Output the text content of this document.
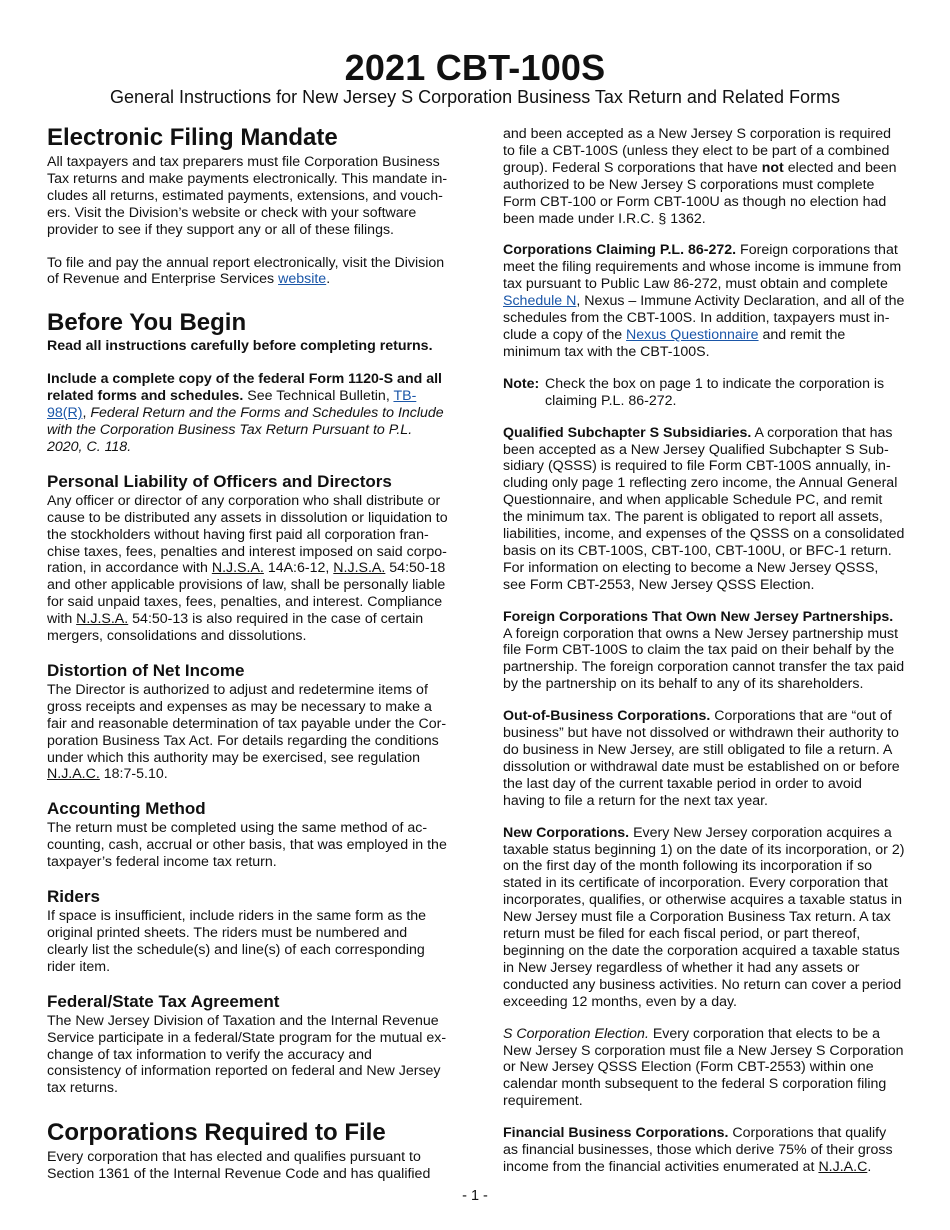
2021 CBT-100S
General Instructions for New Jersey S Corporation Business Tax Return and Related Forms
Electronic Filing Mandate

All taxpayers and tax preparers must file Corporation Business Tax returns and make payments electronically. This mandate includes all returns, estimated payments, extensions, and vouchers. Visit the Division’s website or check with your software provider to see if they support any or all of these filings.

To file and pay the annual report electronically, visit the Division of Revenue and Enterprise Services website.

Before You Begin

Read all instructions carefully before completing returns.

Include a complete copy of the federal Form 1120-S and all related forms and schedules. See Technical Bulletin, TB-98(R), Federal Return and the Forms and Schedules to Include with the Corporation Business Tax Return Pursuant to P.L. 2020, C. 118.

Personal Liability of Officers and Directors

Any officer or director of any corporation who shall distribute or cause to be distributed any assets in dissolution or liquidation to the stockholders without having first paid all corporation franchise taxes, fees, penalties and interest imposed on said corporation, in accordance with N.J.S.A. 14A:6-12, N.J.S.A. 54:50-18 and other applicable provisions of law, shall be personally liable for said unpaid taxes, fees, penalties, and interest. Compliance with N.J.S.A. 54:50-13 is also required in the case of certain mergers, consolidations and dissolutions.

Distortion of Net Income

The Director is authorized to adjust and redetermine items of gross receipts and expenses as may be necessary to make a fair and reasonable determination of tax payable under the Corporation Business Tax Act. For details regarding the conditions under which this authority may be exercised, see regulation N.J.A.C. 18:7-5.10.

Accounting Method

The return must be completed using the same method of accounting, cash, accrual or other basis, that was employed in the taxpayer’s federal income tax return.

Riders

If space is insufficient, include riders in the same form as the original printed sheets. The riders must be numbered and clearly list the schedule(s) and line(s) of each corresponding rider item.

Federal/State Tax Agreement

The New Jersey Division of Taxation and the Internal Revenue Service participate in a federal/State program for the mutual exchange of tax information to verify the accuracy and consistency of information reported on federal and New Jersey tax returns.

Corporations Required to File

Every corporation that has elected and qualifies pursuant to Section 1361 of the Internal Revenue Code and has qualified

and been accepted as a New Jersey S corporation is required to file a CBT-100S (unless they elect to be part of a combined group). Federal S corporations that have not elected and been authorized to be New Jersey S corporations must complete Form CBT-100 or Form CBT-100U as though no election had been made under I.R.C. § 1362.

Corporations Claiming P.L. 86-272. Foreign corporations that meet the filing requirements and whose income is immune from tax pursuant to Public Law 86-272, must obtain and complete Schedule N, Nexus – Immune Activity Declaration, and all of the schedules from the CBT-100S. In addition, taxpayers must include a copy of the Nexus Questionnaire and remit the minimum tax with the CBT-100S.

Note: Check the box on page 1 to indicate the corporation is claiming P.L. 86-272.

Qualified Subchapter S Subsidiaries. A corporation that has been accepted as a New Jersey Qualified Subchapter S Subsidiary (QSSS) is required to file Form CBT-100S annually, including only page 1 reflecting zero income, the Annual General Questionnaire, and when applicable Schedule PC, and remit the minimum tax. The parent is obligated to report all assets, liabilities, income, and expenses of the QSSS on a consolidated basis on its CBT-100S, CBT-100, CBT-100U, or BFC-1 return. For information on electing to become a New Jersey QSSS, see Form CBT-2553, New Jersey QSSS Election.

Foreign Corporations That Own New Jersey Partnerships. A foreign corporation that owns a New Jersey partnership must file Form CBT-100S to claim the tax paid on their behalf by the partnership. The foreign corporation cannot transfer the tax paid by the partnership on its behalf to any of its shareholders.

Out-of-Business Corporations. Corporations that are “out of business” but have not dissolved or withdrawn their authority to do business in New Jersey, are still obligated to file a return. A dissolution or withdrawal date must be established on or before the last day of the current taxable period in order to avoid having to file a return for the next tax year.

New Corporations. Every New Jersey corporation acquires a taxable status beginning 1) on the date of its incorporation, or 2) on the first day of the month following its incorporation if so stated in its certificate of incorporation. Every corporation that incorporates, qualifies, or otherwise acquires a taxable status in New Jersey must file a Corporation Business Tax return. A tax return must be filed for each fiscal period, or part thereof, beginning on the date the corporation acquired a taxable status in New Jersey regardless of whether it had any assets or conducted any business activities. No return can cover a period exceeding 12 months, even by a day.

S Corporation Election. Every corporation that elects to be a New Jersey S corporation must file a New Jersey S Corporation or New Jersey QSSS Election (Form CBT-2553) within one calendar month subsequent to the federal S corporation filing requirement.

Financial Business Corporations. Corporations that qualify as financial businesses, those which derive 75% of their gross income from the financial activities enumerated at N.J.A.C.

- 1 -
